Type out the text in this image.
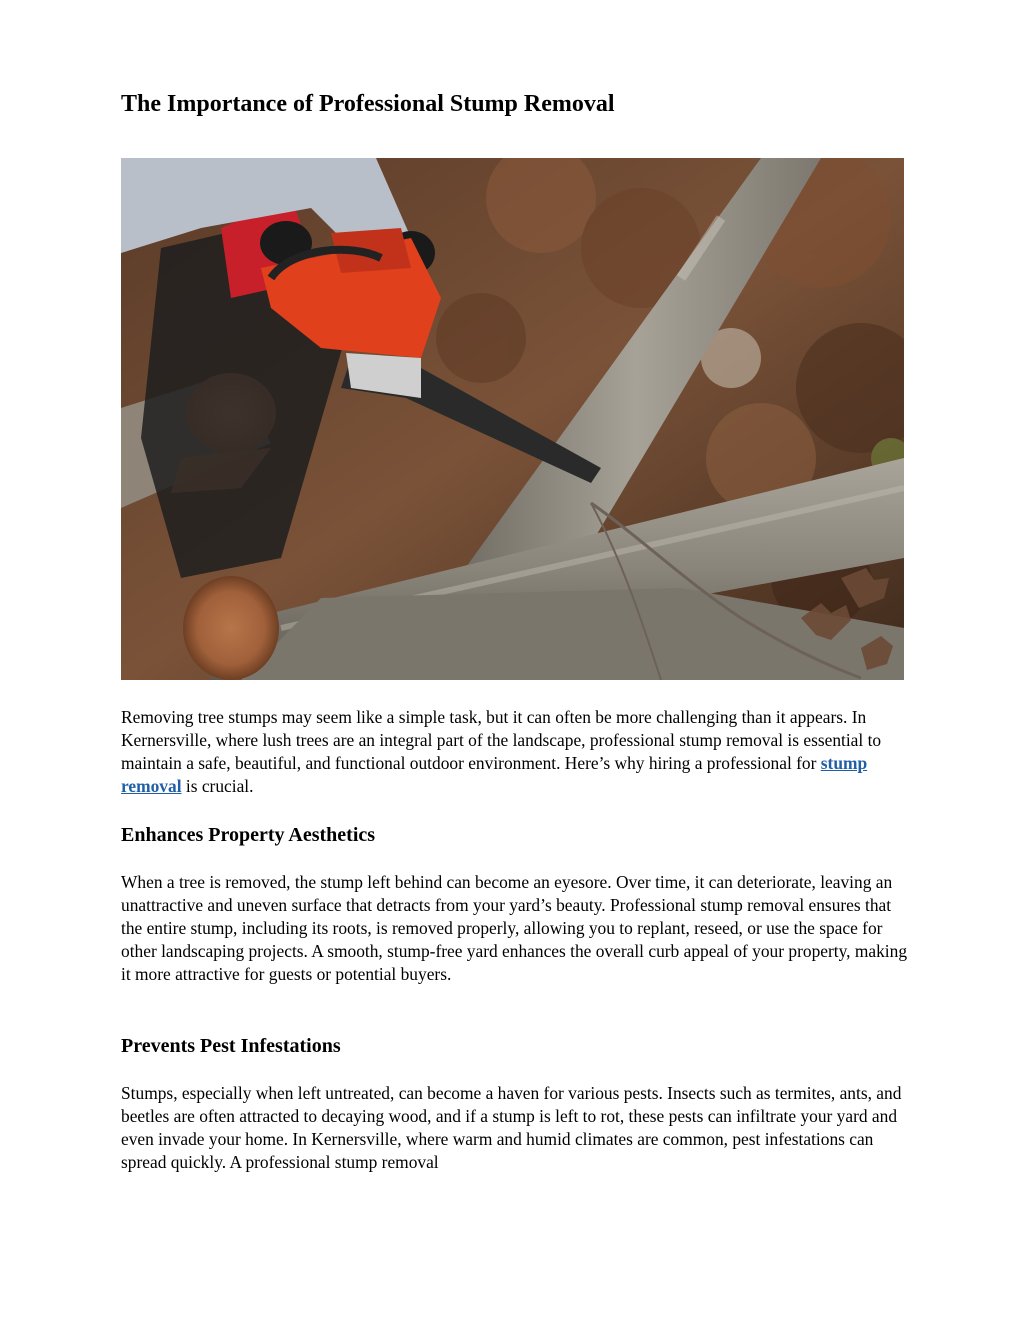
The Importance of Professional Stump Removal

Removing tree stumps may seem like a simple task, but it can often be more challenging than it appears. In Kernersville, where lush trees are an integral part of the landscape, professional stump removal is essential to maintain a safe, beautiful, and functional outdoor environment. Here’s why hiring a professional for stump removal is crucial.

Enhances Property Aesthetics

When a tree is removed, the stump left behind can become an eyesore. Over time, it can deteriorate, leaving an unattractive and uneven surface that detracts from your yard’s beauty. Professional stump removal ensures that the entire stump, including its roots, is removed properly, allowing you to replant, reseed, or use the space for other landscaping projects. A smooth, stump-free yard enhances the overall curb appeal of your property, making it more attractive for guests or potential buyers.

Prevents Pest Infestations

Stumps, especially when left untreated, can become a haven for various pests. Insects such as termites, ants, and beetles are often attracted to decaying wood, and if a stump is left to rot, these pests can infiltrate your yard and even invade your home. In Kernersville, where warm and humid climates are common, pest infestations can spread quickly. A professional stump removal
